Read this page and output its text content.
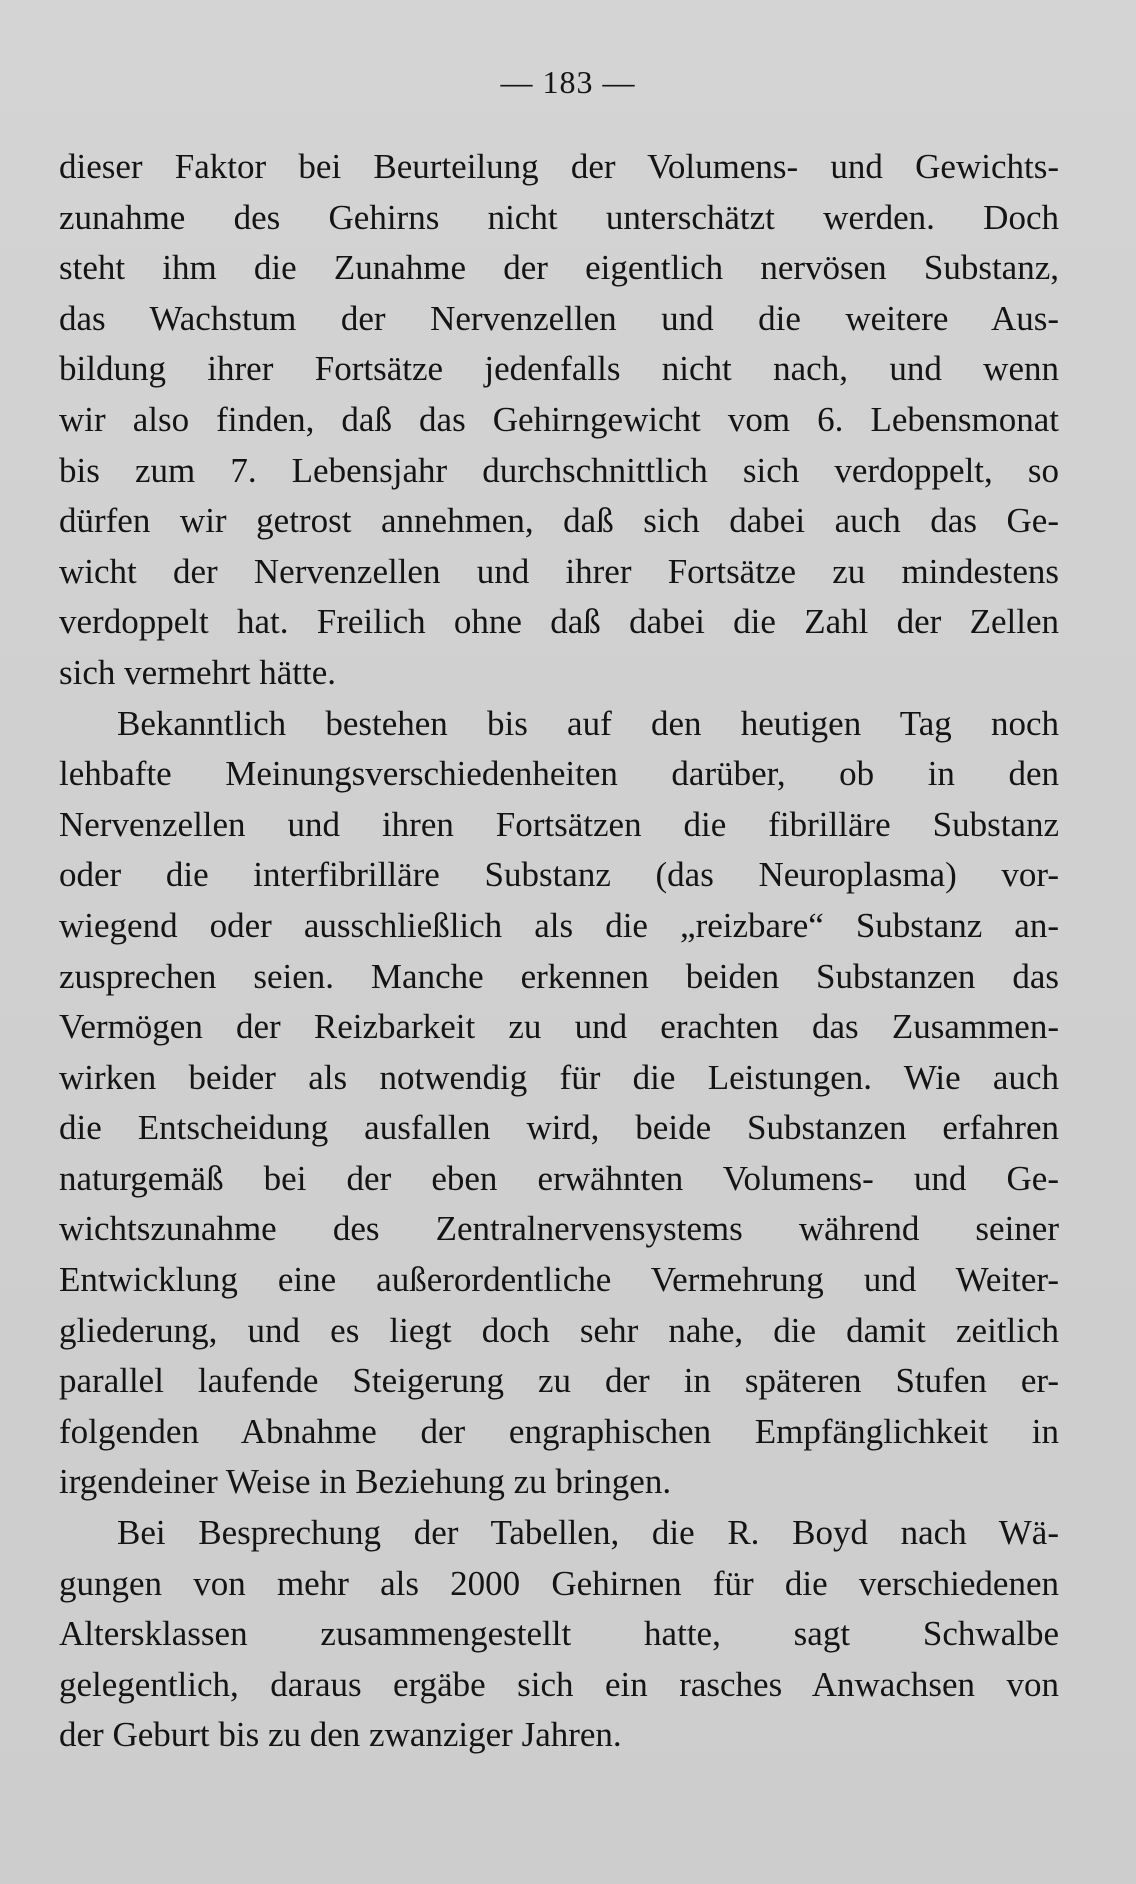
— 183 —
dieser Faktor bei Beurteilung der Volumens- und Gewichts-
zunahme des Gehirns nicht unterschätzt werden. Doch
steht ihm die Zunahme der eigentlich nervösen Substanz,
das Wachstum der Nervenzellen und die weitere Aus-
bildung ihrer Fortsätze jedenfalls nicht nach, und wenn
wir also finden, daß das Gehirngewicht vom 6. Lebensmonat
bis zum 7. Lebensjahr durchschnittlich sich verdoppelt, so
dürfen wir getrost annehmen, daß sich dabei auch das Ge-
wicht der Nervenzellen und ihrer Fortsätze zu mindestens
verdoppelt hat. Freilich ohne daß dabei die Zahl der Zellen
sich vermehrt hätte.
Bekanntlich bestehen bis auf den heutigen Tag noch
lehbafte Meinungsverschiedenheiten darüber, ob in den
Nervenzellen und ihren Fortsätzen die fibrilläre Substanz
oder die interfibrilläre Substanz (das Neuroplasma) vor-
wiegend oder ausschließlich als die „reizbare“ Substanz an-
zusprechen seien. Manche erkennen beiden Substanzen das
Vermögen der Reizbarkeit zu und erachten das Zusammen-
wirken beider als notwendig für die Leistungen. Wie auch
die Entscheidung ausfallen wird, beide Substanzen erfahren
naturgemäß bei der eben erwähnten Volumens- und Ge-
wichtszunahme des Zentralnervensystems während seiner
Entwicklung eine außerordentliche Vermehrung und Weiter-
gliederung, und es liegt doch sehr nahe, die damit zeitlich
parallel laufende Steigerung zu der in späteren Stufen er-
folgenden Abnahme der engraphischen Empfänglichkeit in
irgendeiner Weise in Beziehung zu bringen.
Bei Besprechung der Tabellen, die R. Boyd nach Wä-
gungen von mehr als 2000 Gehirnen für die verschiedenen
Altersklassen zusammengestellt hatte, sagt Schwalbe
gelegentlich, daraus ergäbe sich ein rasches Anwachsen von
der Geburt bis zu den zwanziger Jahren.
